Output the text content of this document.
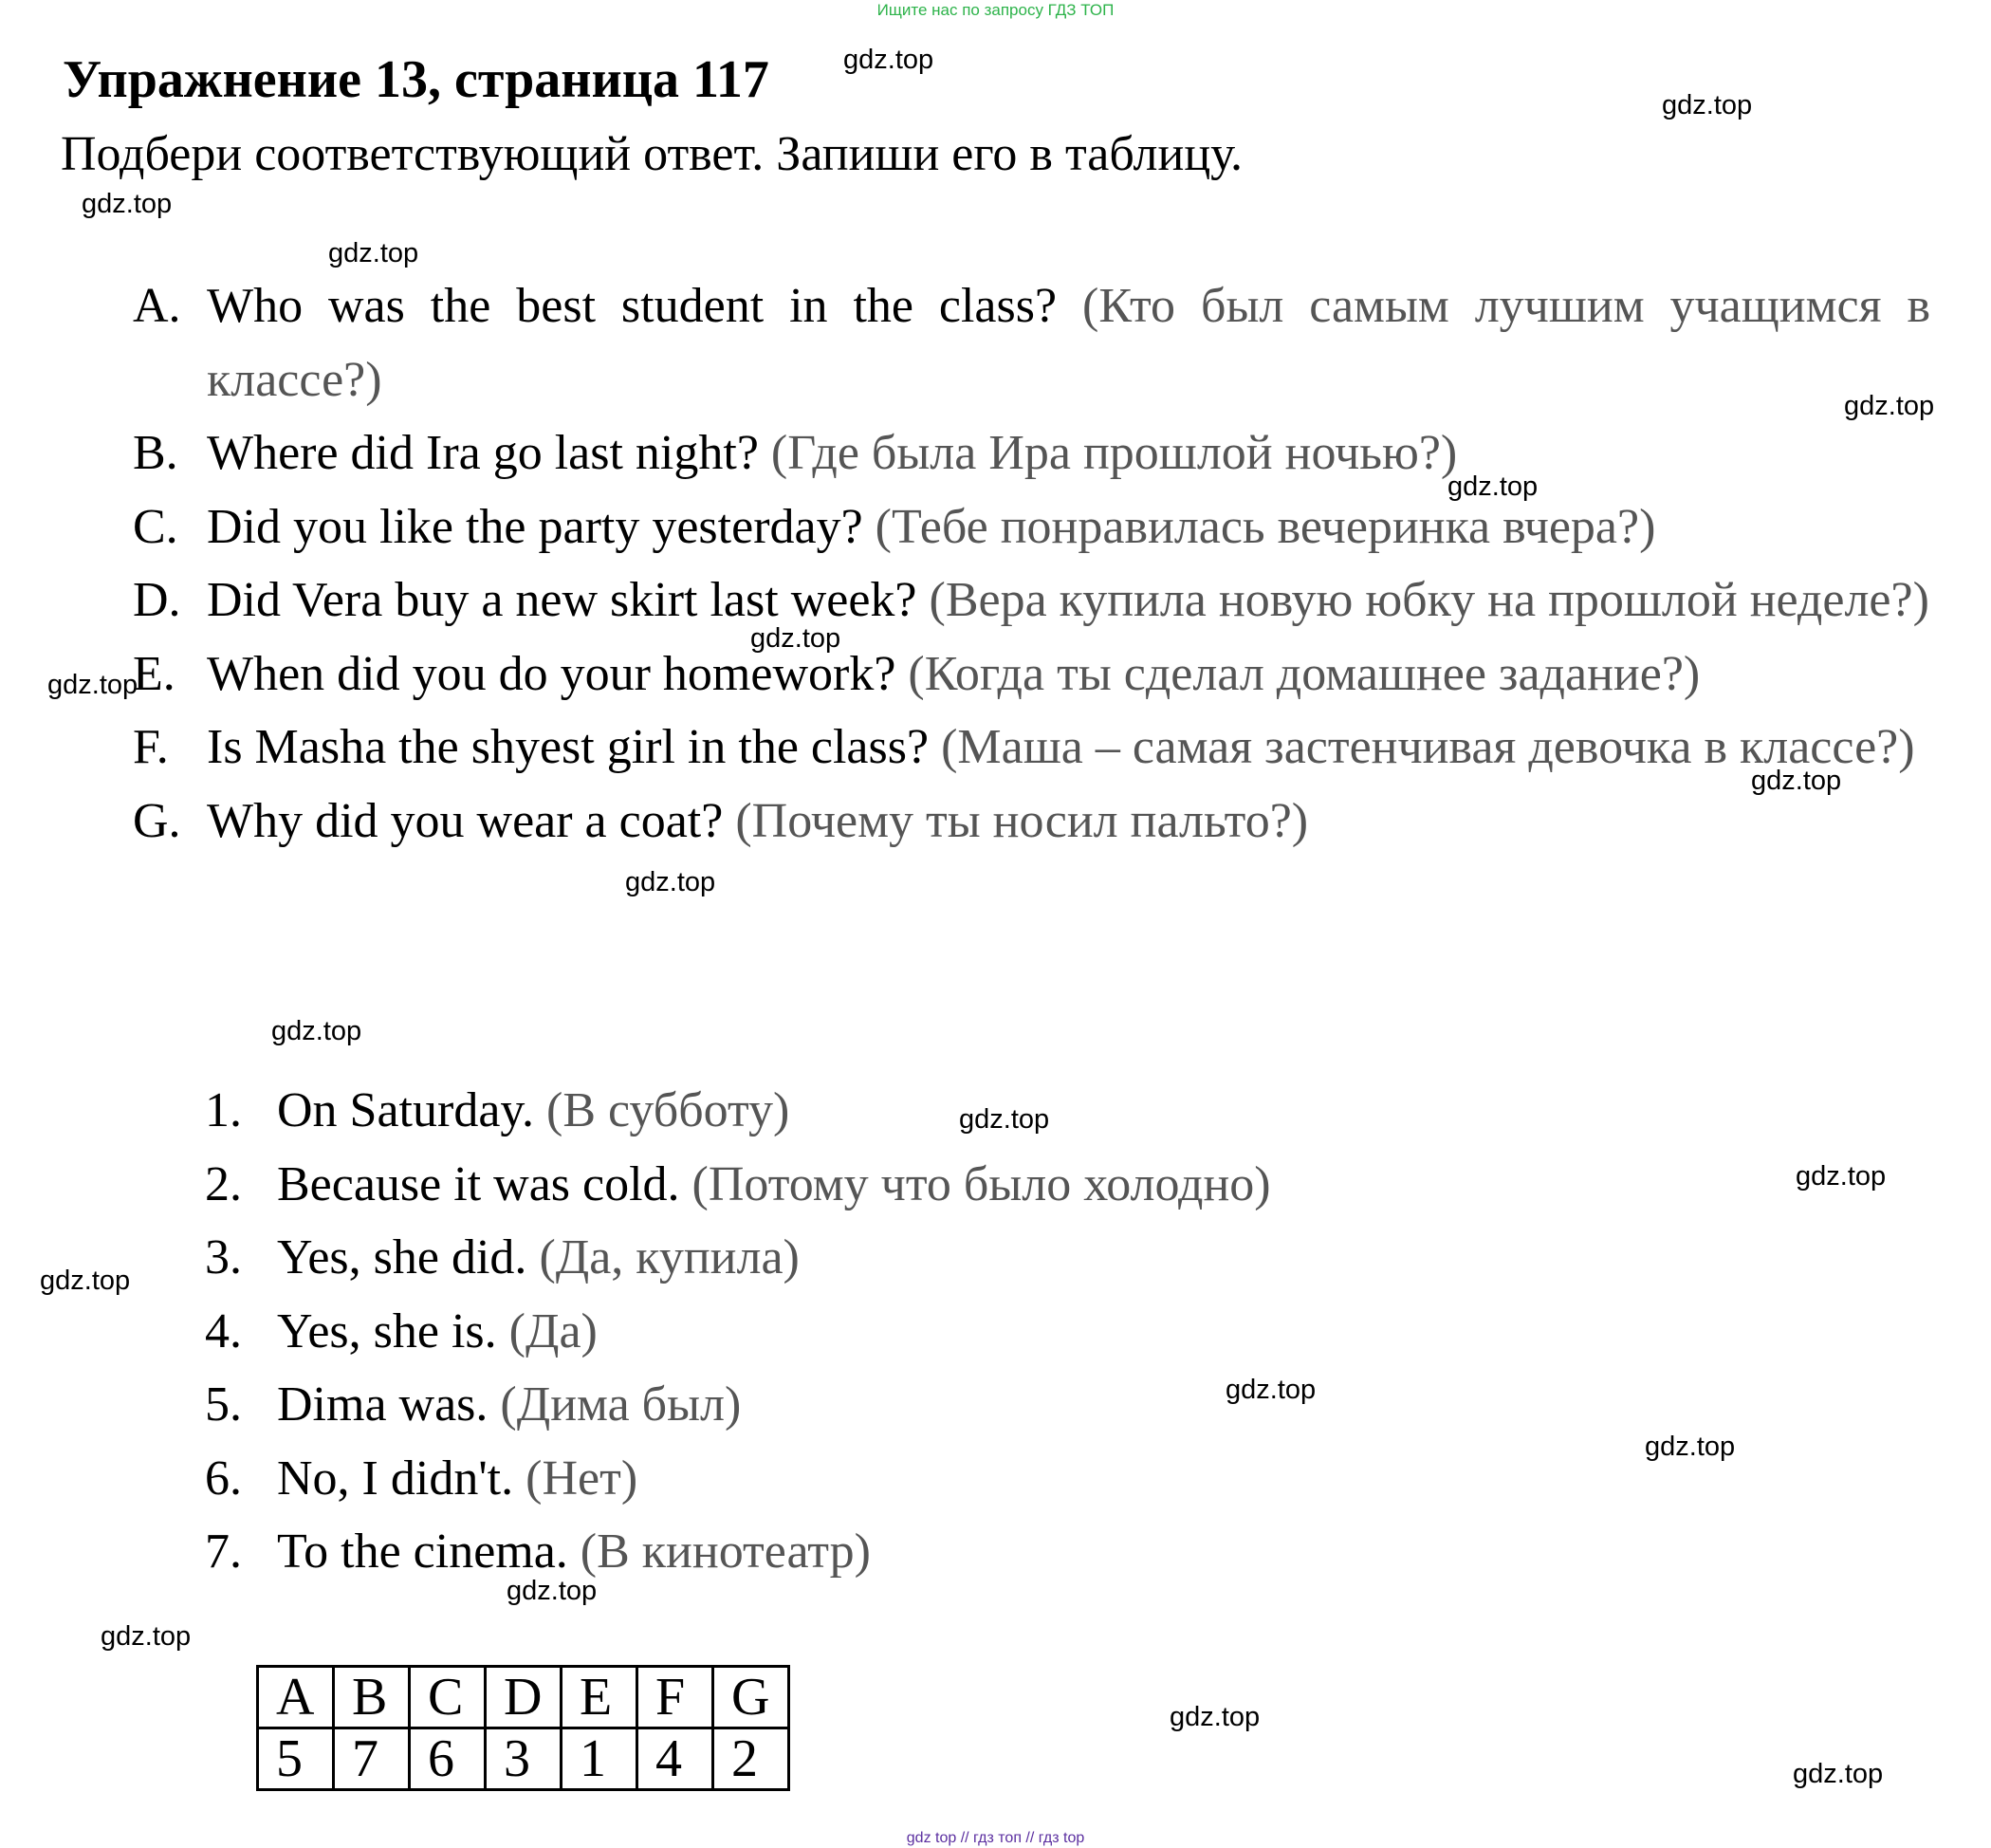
Ищите нас по запросу ГДЗ ТОП
Упражнение 13, страница 117
Подбери соответствующий ответ. Запиши его в таблицу.
A. Who was the best student in the class? (Кто был самым лучшим учащимся в классе?)
B. Where did Ira go last night? (Где была Ира прошлой ночью?)
C. Did you like the party yesterday? (Тебе понравилась вечеринка вчера?)
D. Did Vera buy a new skirt last week? (Вера купила новую юбку на прошлой неделе?)
E. When did you do your homework? (Когда ты сделал домашнее задание?)
F. Is Masha the shyest girl in the class? (Маша – самая застенчивая девочка в классе?)
G. Why did you wear a coat? (Почему ты носил пальто?)
1. On Saturday. (В субботу)
2. Because it was cold. (Потому что было холодно)
3. Yes, she did. (Да, купила)
4. Yes, she is. (Да)
5. Dima was. (Дима был)
6. No, I didn't. (Нет)
7. To the cinema. (В кинотеатр)
A	B	C	D	E	F	G
5	7	6	3	1	4	2
gdz.top
gdz.top
gdz.top
gdz.top
gdz.top
gdz.top
gdz.top
gdz.top
gdz.top
gdz.top
gdz.top
gdz.top
gdz.top
gdz.top
gdz.top
gdz.top
gdz.top
gdz.top
gdz.top
gdz.top
gdz top // гдз топ // гдз top
